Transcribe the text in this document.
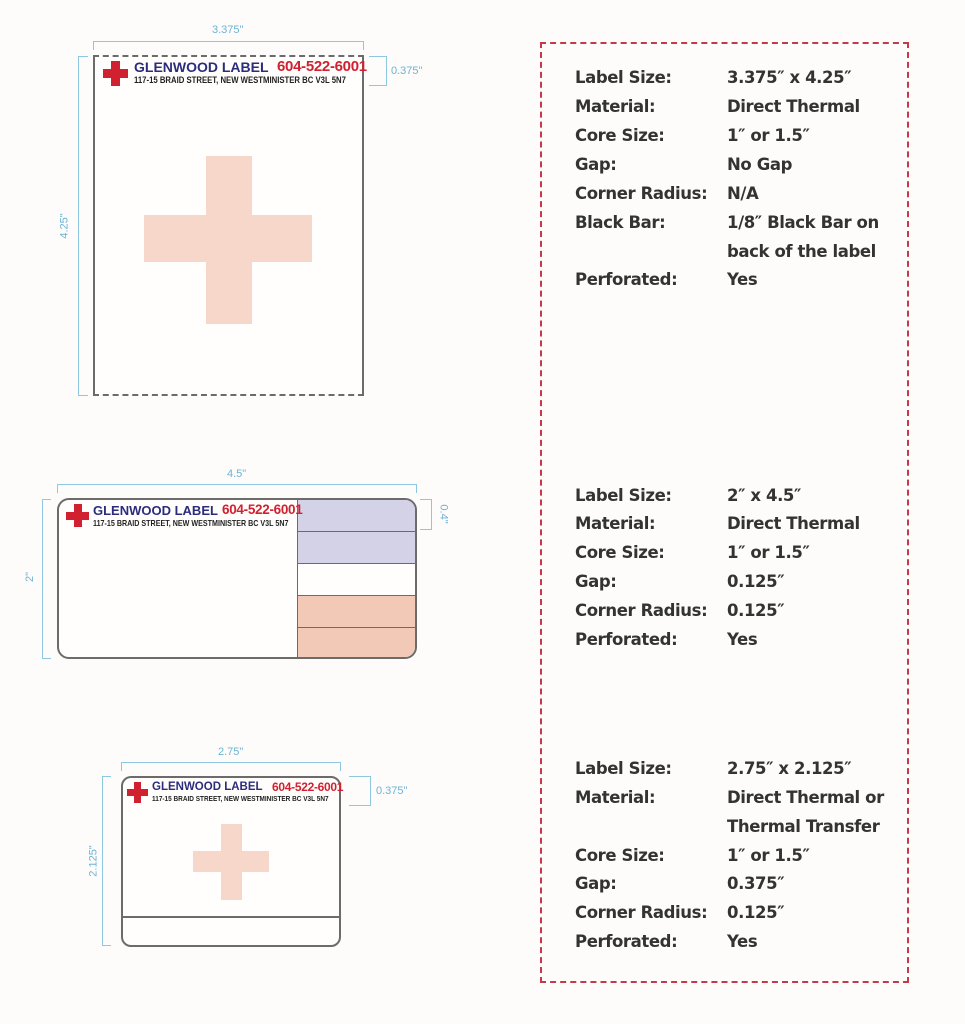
3.375"
4.25"
0.375"
GLENWOOD LABEL 604-522-6001
117-15 BRAID STREET, NEW WESTMINISTER BC V3L 5N7
4.5"
2"
0.4"
GLENWOOD LABEL 604-522-6001
117-15 BRAID STREET, NEW WESTMINISTER BC V3L 5N7
2.75"
2.125"
0.375"
GLENWOOD LABEL 604-522-6001
117-15 BRAID STREET, NEW WESTMINISTER BC V3L 5N7
Label Size:	3.375″ x 4.25″
Material:	Direct Thermal
Core Size:	1″ or 1.5″
Gap:	No Gap
Corner Radius: N/A
Black Bar:	1/8″ Black Bar on
back of the label
Perforated:	Yes
Label Size:	2″ x 4.5″
Material:	Direct Thermal
Core Size:	1″ or 1.5″
Gap:	0.125″
Corner Radius: 0.125″
Perforated:	Yes
Label Size:	2.75″ x 2.125″
Material:	Direct Thermal or
Thermal Transfer
Core Size:	1″ or 1.5″
Gap:	0.375″
Corner Radius: 0.125″
Perforated:	Yes
